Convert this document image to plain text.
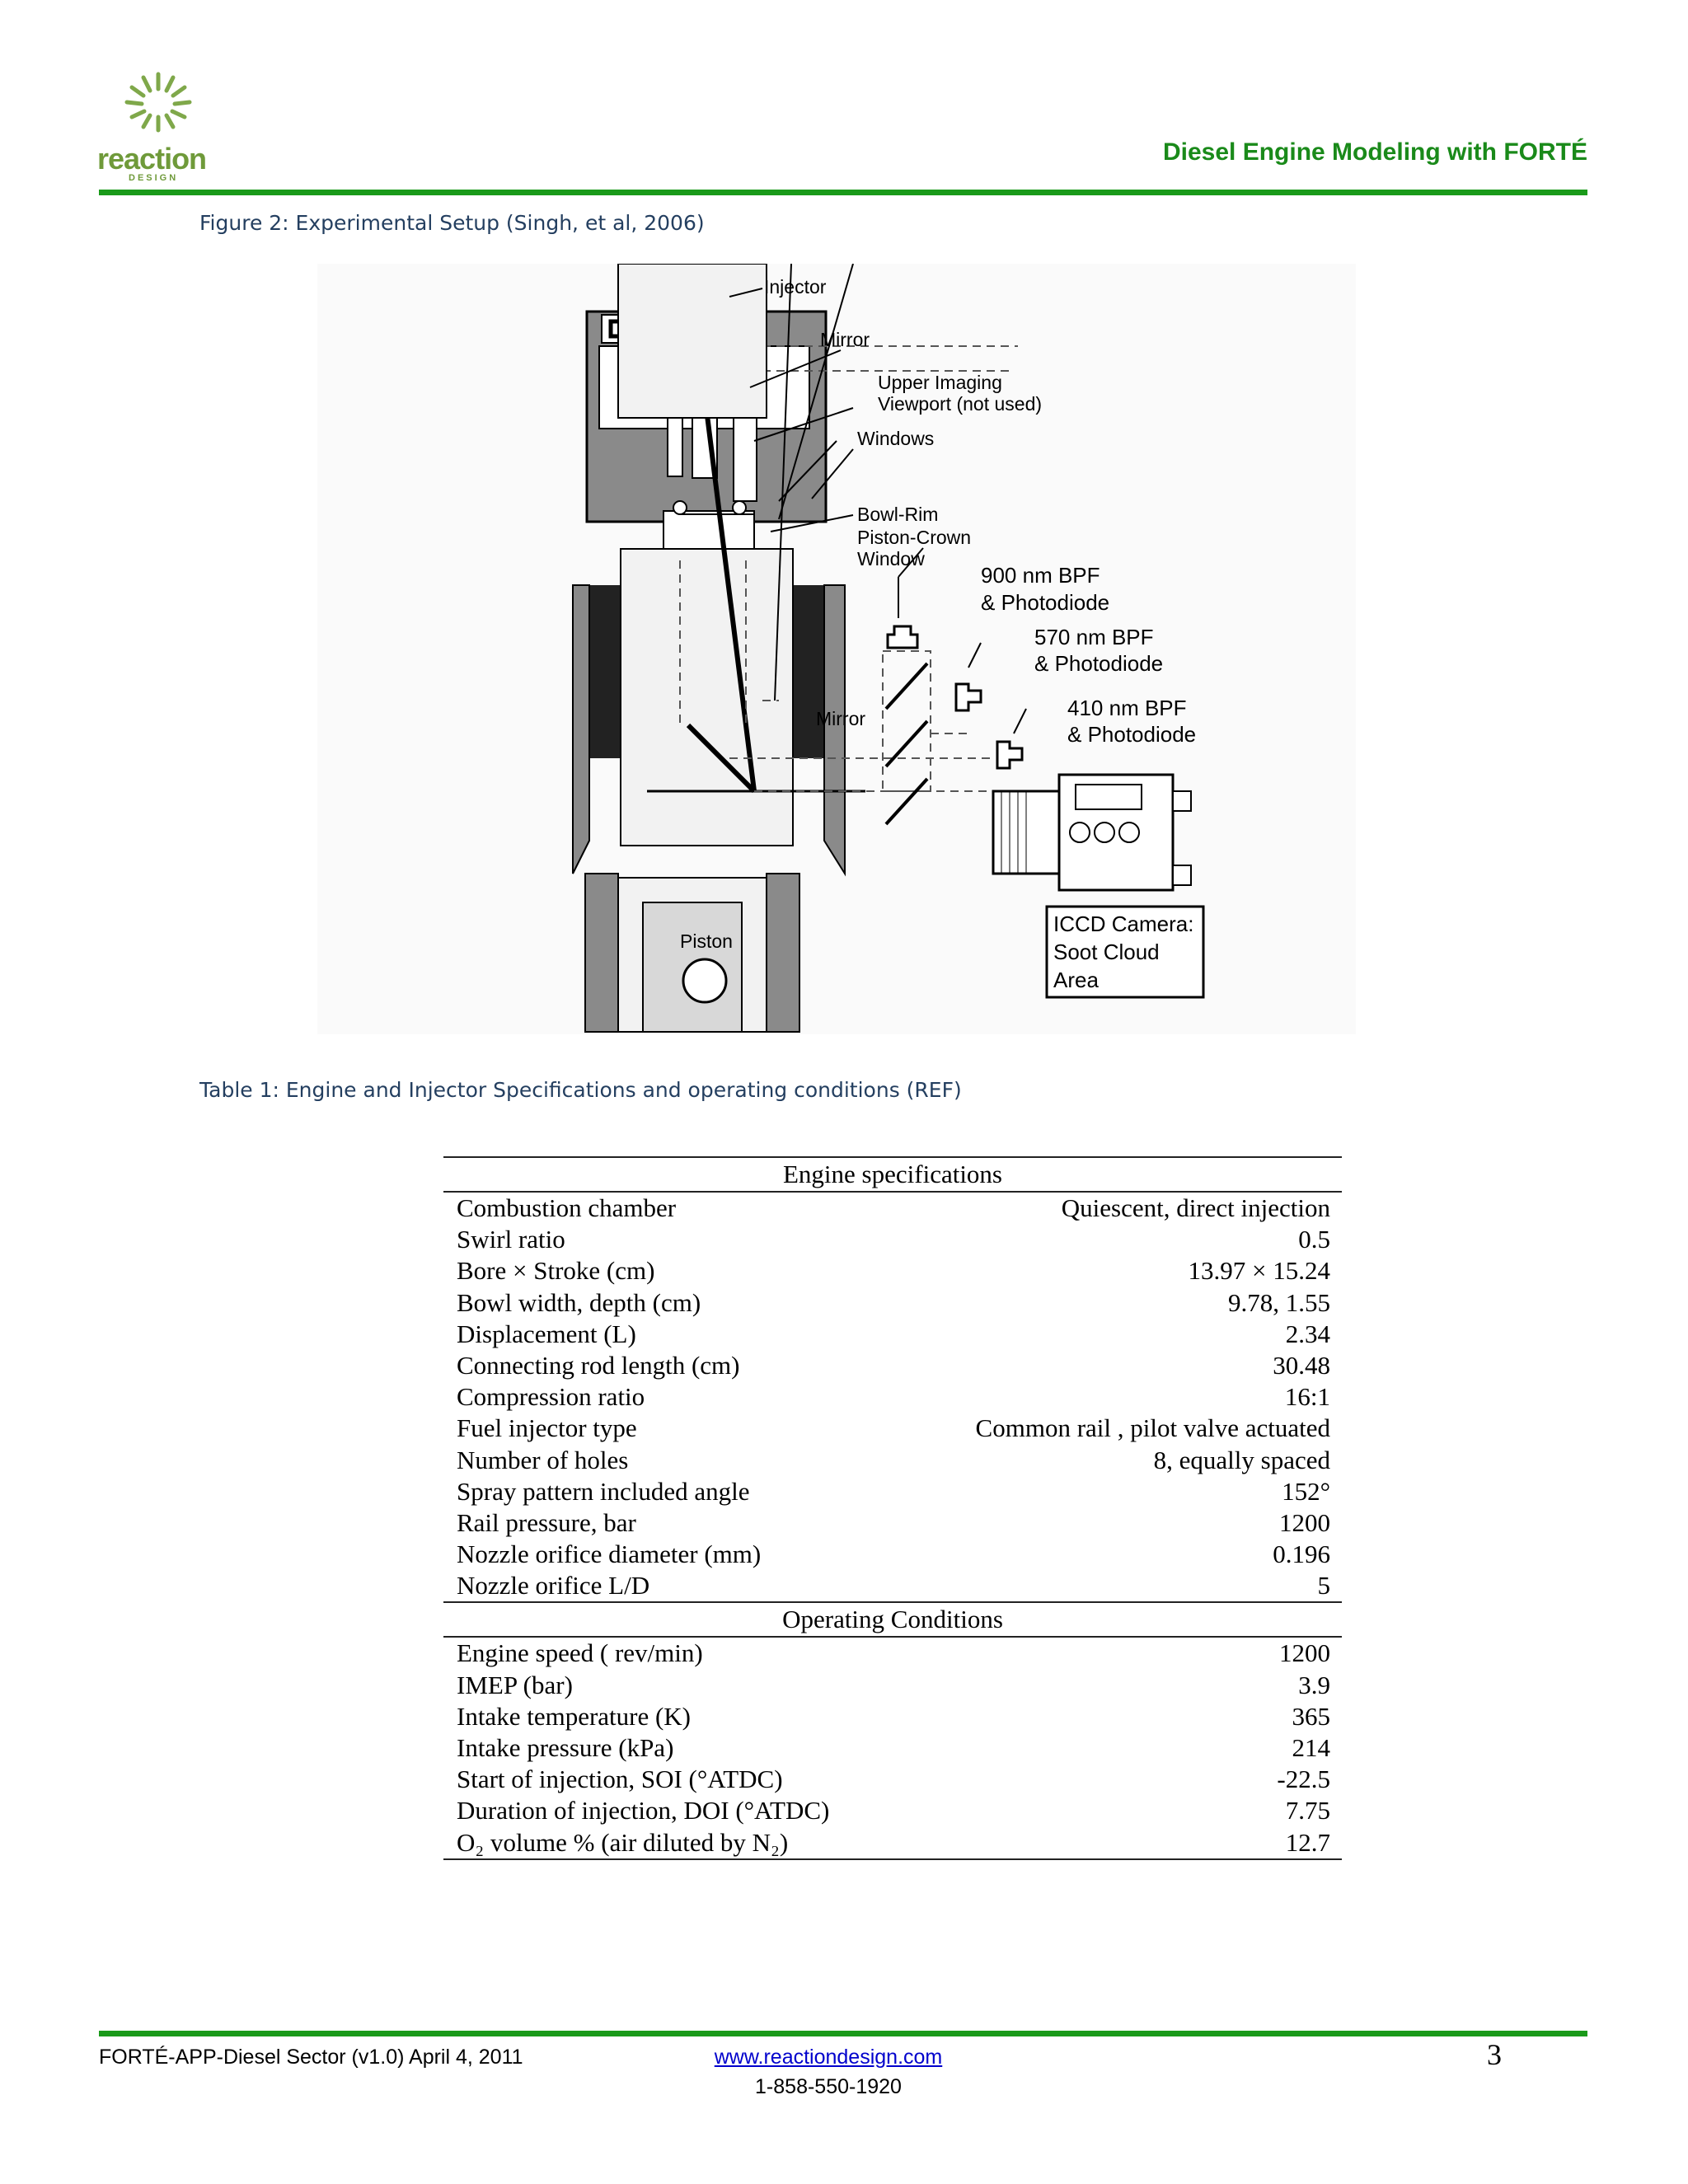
reaction
DESIGN
Diesel Engine Modeling with FORTÉ
Figure 2: Experimental Setup (Singh, et al, 2006)
Injector
Mirror
Upper Imaging
Viewport (not used)
Windows
Bowl-Rim
Piston-Crown
Window
900 nm BPF
& Photodiode
570 nm BPF
& Photodiode
410 nm BPF
& Photodiode
Mirror
Piston
ICCD Camera:
Soot Cloud
Area
Table 1: Engine and Injector Specifications and operating conditions (REF)
Engine specifications
Combustion chamber	Quiescent, direct injection
Swirl ratio	0.5
Bore × Stroke (cm)	13.97 × 15.24
Bowl width, depth (cm)	9.78, 1.55
Displacement (L)	2.34
Connecting rod length (cm)	30.48
Compression ratio	16:1
Fuel injector type	Common rail , pilot valve actuated
Number of holes	8, equally spaced
Spray pattern included angle	152°
Rail pressure, bar	1200
Nozzle orifice diameter (mm)	0.196
Nozzle orifice L/D	5
Operating Conditions
Engine speed ( rev/min)	1200
IMEP (bar)	3.9
Intake temperature (K)	365
Intake pressure (kPa)	214
Start of injection, SOI (°ATDC)	-22.5
Duration of injection, DOI (°ATDC)	7.75
O₂ volume % (air diluted by N₂)	12.7
FORTÉ-APP-Diesel Sector (v1.0) April 4, 2011	www.reactiondesign.com
1-858-550-1920
3
